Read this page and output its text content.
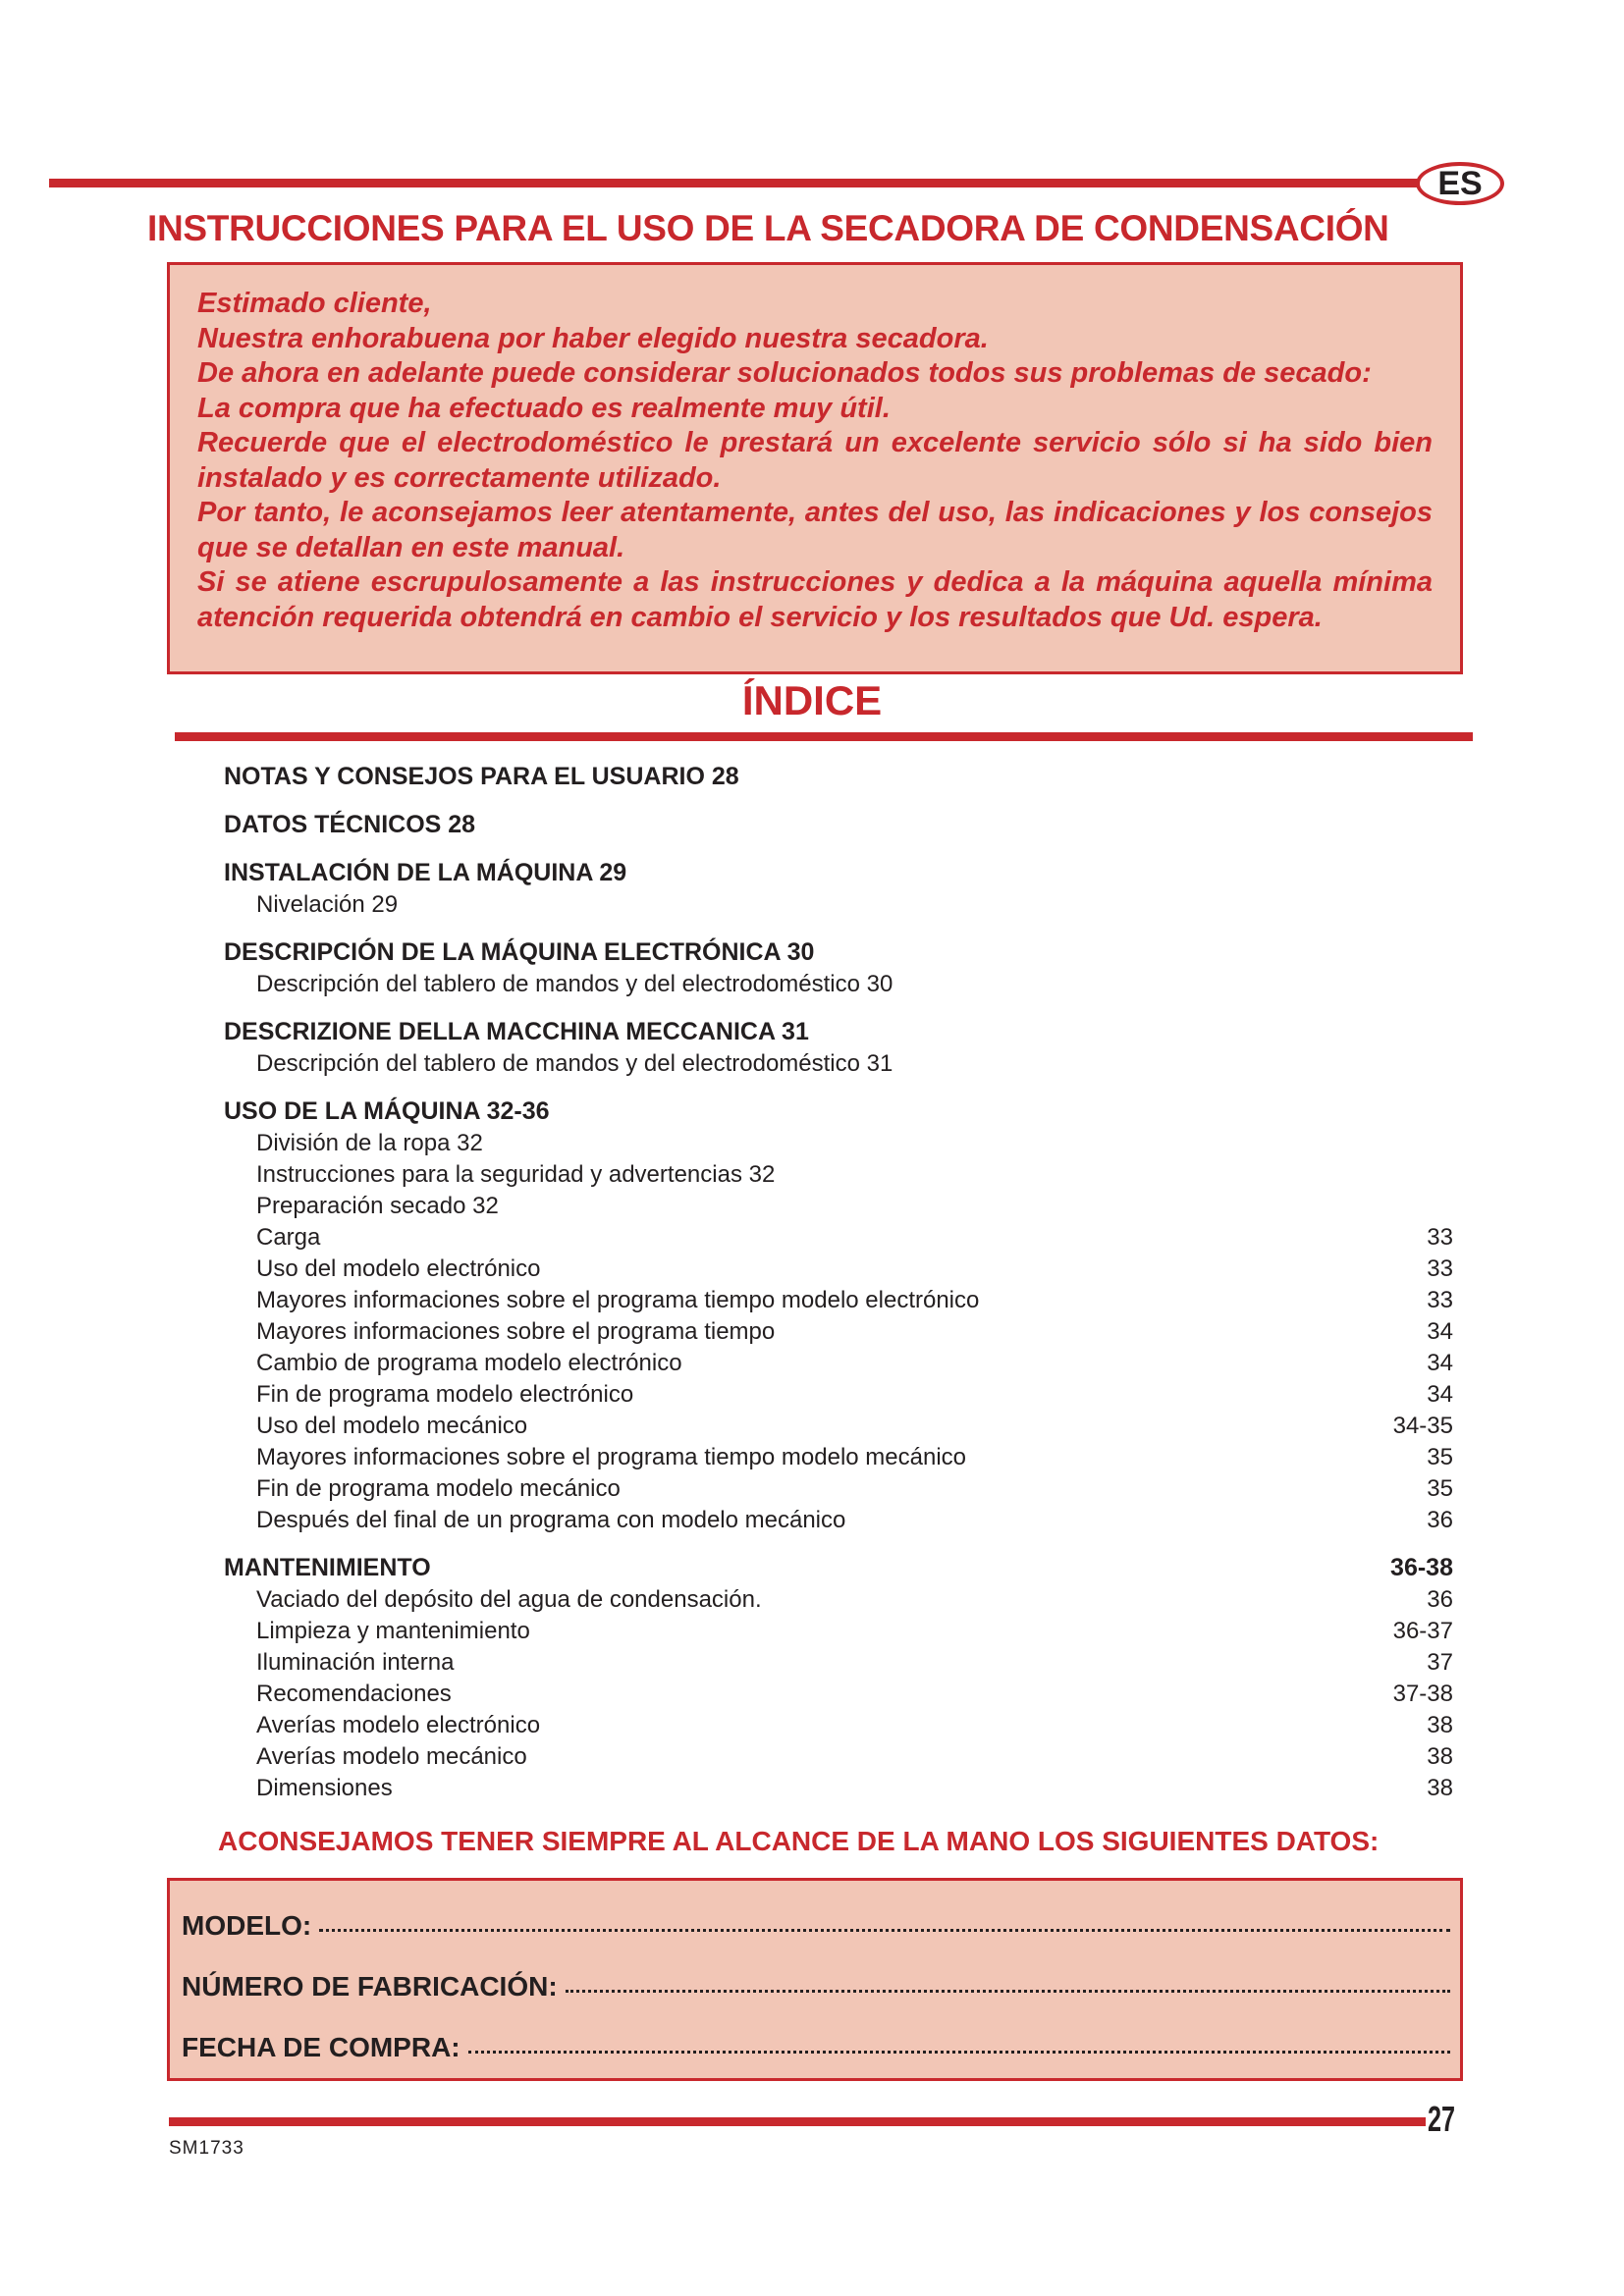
ES
INSTRUCCIONES PARA EL USO DE LA SECADORA DE CONDENSACIÓN

Estimado cliente,

Nuestra enhorabuena por haber elegido nuestra secadora.

De ahora en adelante puede considerar solucionados todos sus problemas de secado:

La compra que ha efectuado es realmente muy útil.

Recuerde que el electrodoméstico le prestará un excelente servicio sólo si ha sido bien instalado y es correctamente utilizado.

Por tanto, le aconsejamos leer atentamente, antes del uso, las indicaciones y los consejos que se detallan en este manual.

Si se atiene escrupulosamente a las instrucciones y dedica a la máquina aquella mínima atención requerida obtendrá en cambio el servicio y los resultados que Ud. espera.

ÍNDICE
NOTAS Y CONSEJOS PARA EL USUARIO 28
DATOS TÉCNICOS 28
INSTALACIÓN DE LA MÁQUINA 29
Nivelación 29
DESCRIPCIÓN DE LA MÁQUINA ELECTRÓNICA 30
Descripción del tablero de mandos y del electrodoméstico 30
DESCRIZIONE DELLA MACCHINA MECCANICA 31
Descripción del tablero de mandos y del electrodoméstico 31
USO DE LA MÁQUINA 32-36
División de la ropa 32
Instrucciones para la seguridad y advertencias 32
Preparación secado 32
Carga	33
Uso del modelo electrónico	33
Mayores informaciones sobre el programa tiempo modelo electrónico	33
Mayores informaciones sobre el programa tiempo	34
Cambio de programa modelo electrónico	34
Fin de programa modelo electrónico	34
Uso del modelo mecánico	34-35
Mayores informaciones sobre el programa tiempo modelo mecánico	35
Fin de programa modelo mecánico	35
Después del final de un programa con modelo mecánico	36
MANTENIMIENTO	36-38
Vaciado del depósito del agua de condensación.	36
Limpieza y mantenimiento	36-37
Iluminación interna	37
Recomendaciones	37-38
Averías modelo electrónico	38
Averías modelo mecánico	38
Dimensiones	38
ACONSEJAMOS TENER SIEMPRE AL ALCANCE DE LA MANO LOS SIGUIENTES DATOS:
MODELO:
NÚMERO DE FABRICACIÓN:
FECHA DE COMPRA:
27
SM1733
